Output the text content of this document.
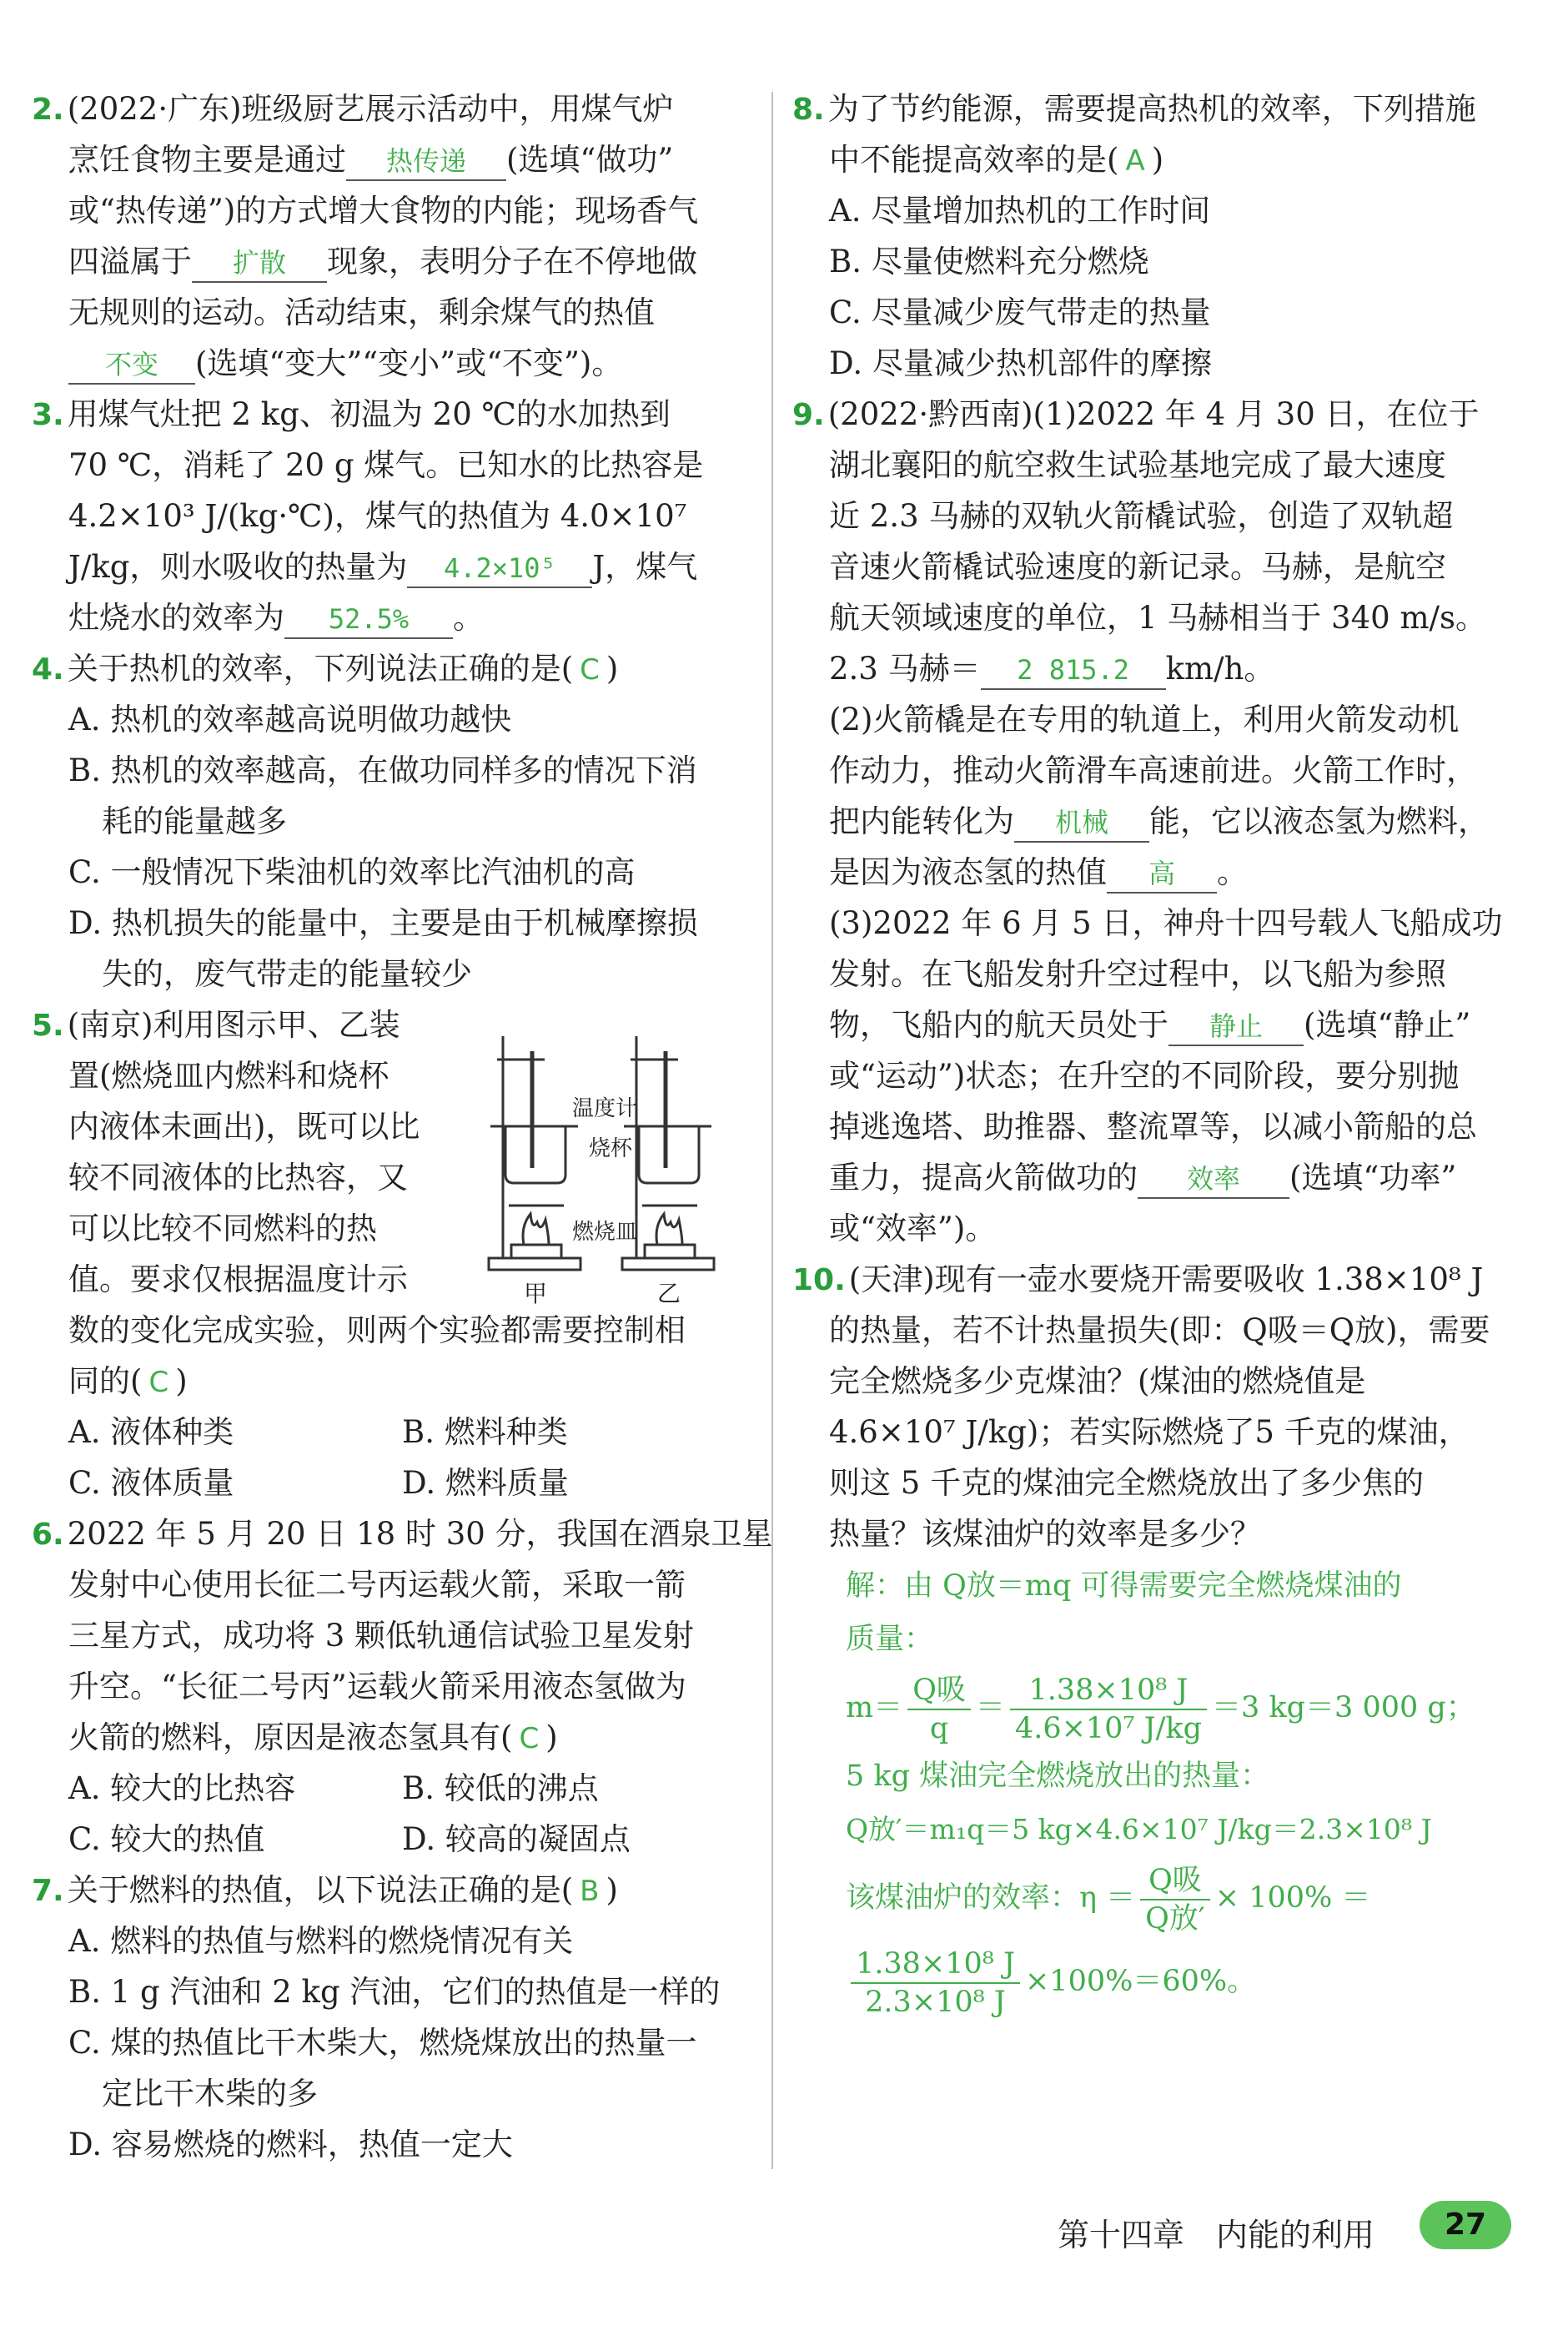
2. (2022·广东)班级厨艺展示活动中，用煤气炉
烹饪食物主要是通过 热传递 (选填“做功”
或“热传递”)的方式增大食物的内能；现场香气
四溢属于 扩散 现象，表明分子在不停地做
无规则的运动。活动结束，剩余煤气的热值
不变 (选填“变大”“变小”或“不变”)。
3. 用煤气灶把 2 kg、初温为 20 ℃的水加热到
70 ℃，消耗了 20 g 煤气。已知水的比热容是
4.2×10³ J/(kg·℃)，煤气的热值为 4.0×10⁷
J/kg，则水吸收的热量为 4.2×10⁵ J，煤气
灶烧水的效率为 52.5% 。
4. 关于热机的效率，下列说法正确的是( C )
A. 热机的效率越高说明做功越快
B. 热机的效率越高，在做功同样多的情况下消
耗的能量越多
C. 一般情况下柴油机的效率比汽油机的高
D. 热机损失的能量中，主要是由于机械摩擦损
失的，废气带走的能量较少
5. (南京)利用图示甲、乙装
置(燃烧皿内燃料和烧杯
内液体未画出)，既可以比
较不同液体的比热容，又
可以比较不同燃料的热
值。要求仅根据温度计示
数的变化完成实验，则两个实验都需要控制相
同的( C )
A. 液体种类	B. 燃料种类
C. 液体质量	D. 燃料质量
6. 2022 年 5 月 20 日 18 时 30 分，我国在酒泉卫星
发射中心使用长征二号丙运载火箭，采取一箭
三星方式，成功将 3 颗低轨通信试验卫星发射
升空。“长征二号丙”运载火箭采用液态氢做为
火箭的燃料，原因是液态氢具有( C )
A. 较大的比热容	B. 较低的沸点
C. 较大的热值	D. 较高的凝固点
7. 关于燃料的热值，以下说法正确的是( B )
A. 燃料的热值与燃料的燃烧情况有关
B. 1 g 汽油和 2 kg 汽油，它们的热值是一样的
C. 煤的热值比干木柴大，燃烧煤放出的热量一
定比干木柴的多
D. 容易燃烧的燃料，热值一定大
温度计
烧杯
燃烧皿
甲	乙
8. 为了节约能源，需要提高热机的效率，下列措施
中不能提高效率的是( A )
A. 尽量增加热机的工作时间
B. 尽量使燃料充分燃烧
C. 尽量减少废气带走的热量
D. 尽量减少热机部件的摩擦
9. (2022·黔西南)(1)2022 年 4 月 30 日，在位于
湖北襄阳的航空救生试验基地完成了最大速度
近 2.3 马赫的双轨火箭橇试验，创造了双轨超
音速火箭橇试验速度的新记录。马赫，是航空
航天领域速度的单位，1 马赫相当于 340 m/s。
2.3 马赫＝ 2 815.2 km/h。
(2)火箭橇是在专用的轨道上，利用火箭发动机
作动力，推动火箭滑车高速前进。火箭工作时，
把内能转化为 机械 能，它以液态氢为燃料，
是因为液态氢的热值 高 。
(3)2022 年 6 月 5 日，神舟十四号载人飞船成功
发射。在飞船发射升空过程中，以飞船为参照
物，飞船内的航天员处于 静止 (选填“静止”
或“运动”)状态；在升空的不同阶段，要分别抛
掉逃逸塔、助推器、整流罩等，以减小箭船的总
重力，提高火箭做功的 效率 (选填“功率”
或“效率”)。
10. (天津)现有一壶水要烧开需要吸收 1.38×10⁸ J
的热量，若不计热量损失(即：Q吸＝Q放)，需要
完全燃烧多少克煤油？(煤油的燃烧值是
4.6×10⁷ J/kg)；若实际燃烧了5 千克的煤油，
则这 5 千克的煤油完全燃烧放出了多少焦的
热量？该煤油炉的效率是多少？
解：由 Q放＝mq 可得需要完全燃烧煤油的
质量：
$m= \frac{\text{Q吸}}{q} = \frac{\text{1.38×10⁸ J}}{\text{4.6×10⁷ J/kg}} =3$ kg＝3 000 g；
5 kg 煤油完全燃烧放出的热量：
Q放′＝m₁q＝5 kg×4.6×10⁷ J/kg＝2.3×10⁸ J
该煤油炉的效率：$\eta = \frac{\text{Q吸}}{\text{Q放′}} \times 100\%$ ＝
$\frac{\text{1.38×10⁸ J}}{\text{2.3×10⁸ J}} \times 100\%=60\%$。
第十四章　内能的利用	27
